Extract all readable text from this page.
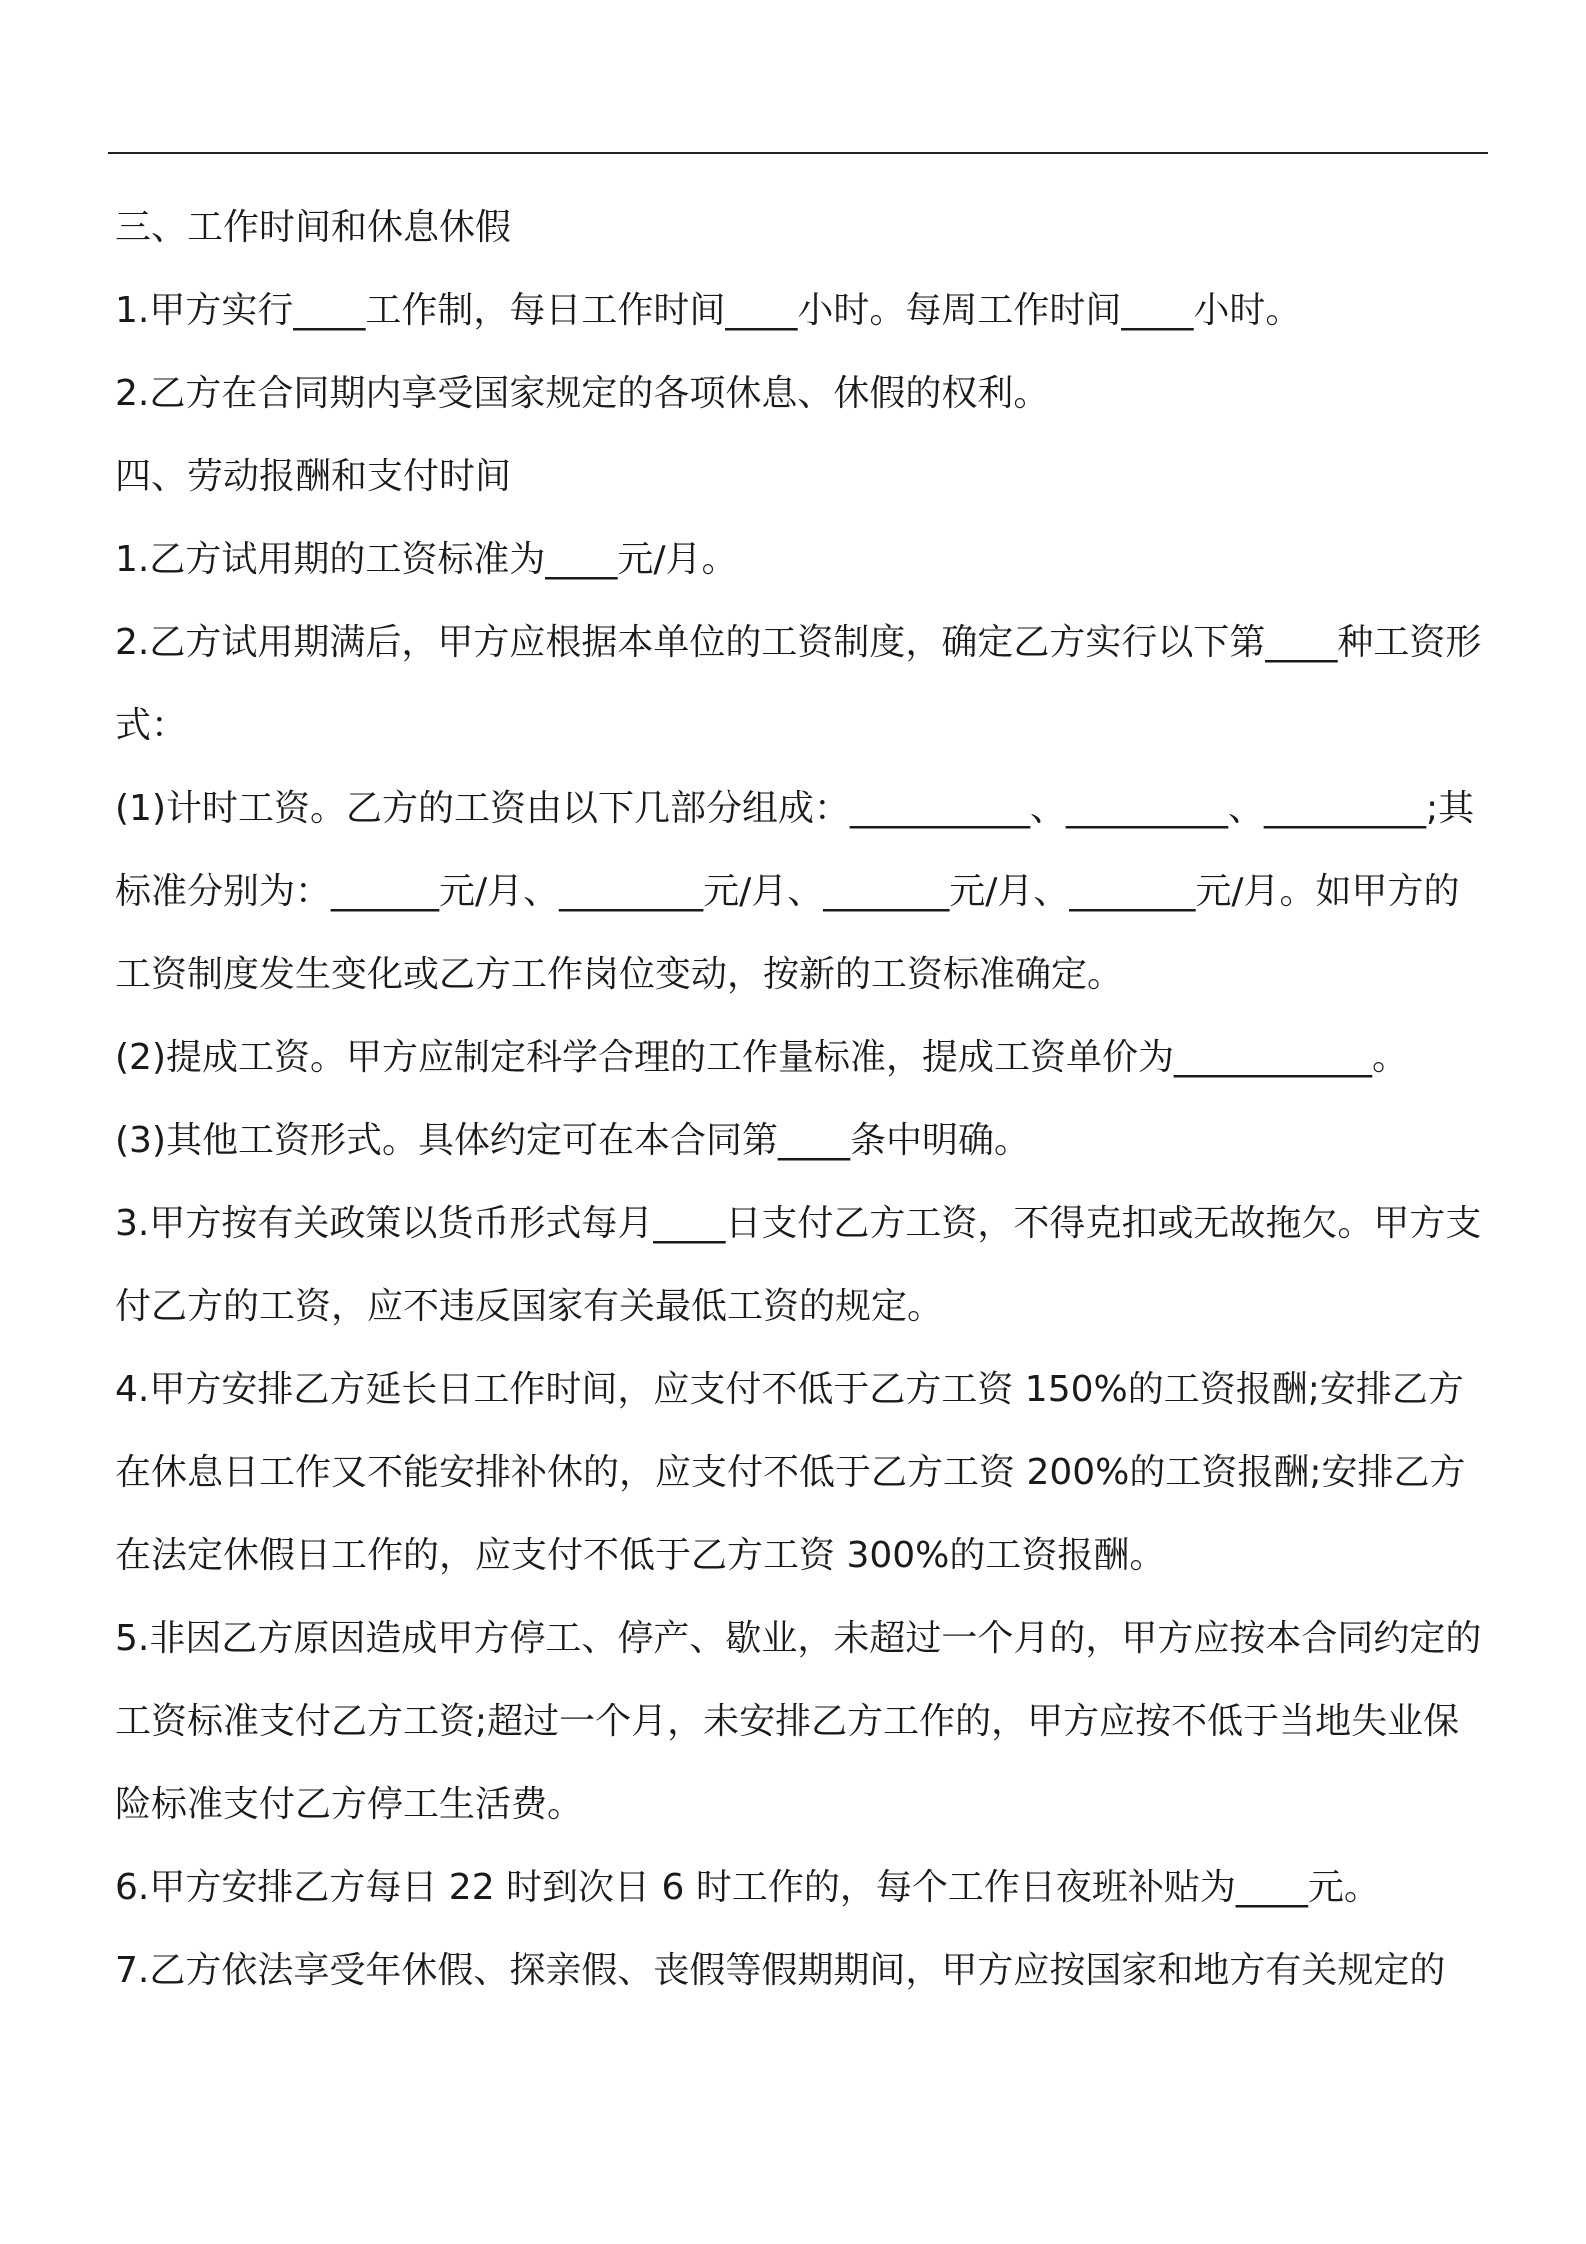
三、工作时间和休息休假

1.甲方实行____工作制，每日工作时间____小时。每周工作时间____小时。

2.乙方在合同期内享受国家规定的各项休息、休假的权利。

四、劳动报酬和支付时间

1.乙方试用期的工资标准为____元/月。

2.乙方试用期满后，甲方应根据本单位的工资制度，确定乙方实行以下第____种工资形式：

(1)计时工资。乙方的工资由以下几部分组成：__________、_________、_________;其标准分别为：______元/月、________元/月、_______元/月、_______元/月。如甲方的工资制度发生变化或乙方工作岗位变动，按新的工资标准确定。

(2)提成工资。甲方应制定科学合理的工作量标准，提成工资单价为___________。

(3)其他工资形式。具体约定可在本合同第____条中明确。

3.甲方按有关政策以货币形式每月____日支付乙方工资，不得克扣或无故拖欠。甲方支付乙方的工资，应不违反国家有关最低工资的规定。

4.甲方安排乙方延长日工作时间，应支付不低于乙方工资 150%的工资报酬;安排乙方在休息日工作又不能安排补休的，应支付不低于乙方工资 200%的工资报酬;安排乙方在法定休假日工作的，应支付不低于乙方工资 300%的工资报酬。

5.非因乙方原因造成甲方停工、停产、歇业，未超过一个月的，甲方应按本合同约定的工资标准支付乙方工资;超过一个月，未安排乙方工作的，甲方应按不低于当地失业保险标准支付乙方停工生活费。

6.甲方安排乙方每日 22 时到次日 6 时工作的，每个工作日夜班补贴为____元。

7.乙方依法享受年休假、探亲假、丧假等假期期间，甲方应按国家和地方有关规定的
